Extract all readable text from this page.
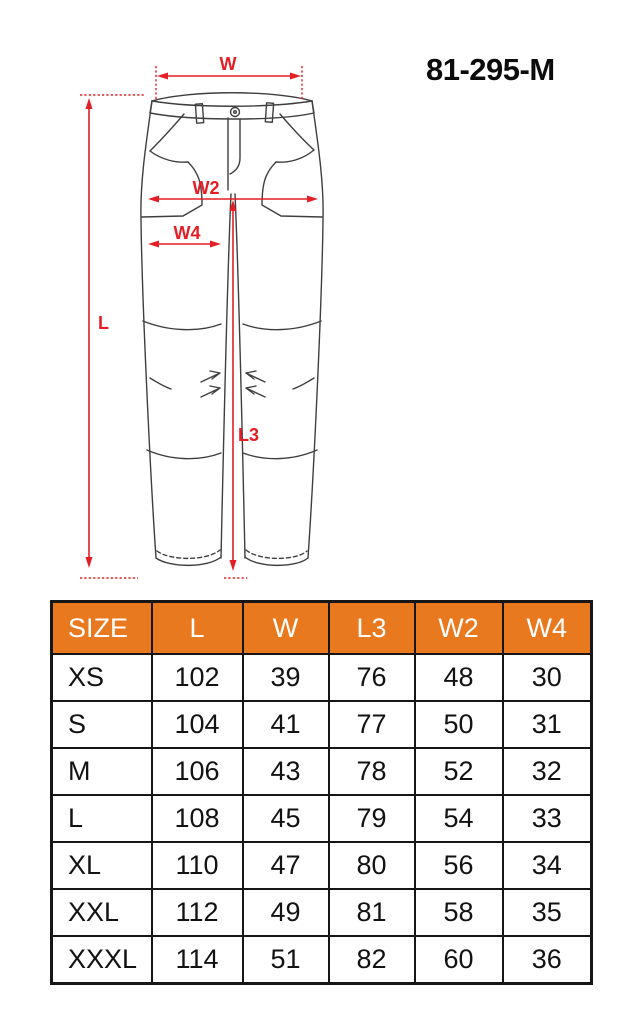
81-295-M
W
W2
W4
L
L3
SIZE	L	W	L3	W2	W4
XS	102	39	76	48	30
S	104	41	77	50	31
M	106	43	78	52	32
L	108	45	79	54	33
XL	110	47	80	56	34
XXL	112	49	81	58	35
XXXL	114	51	82	60	36
